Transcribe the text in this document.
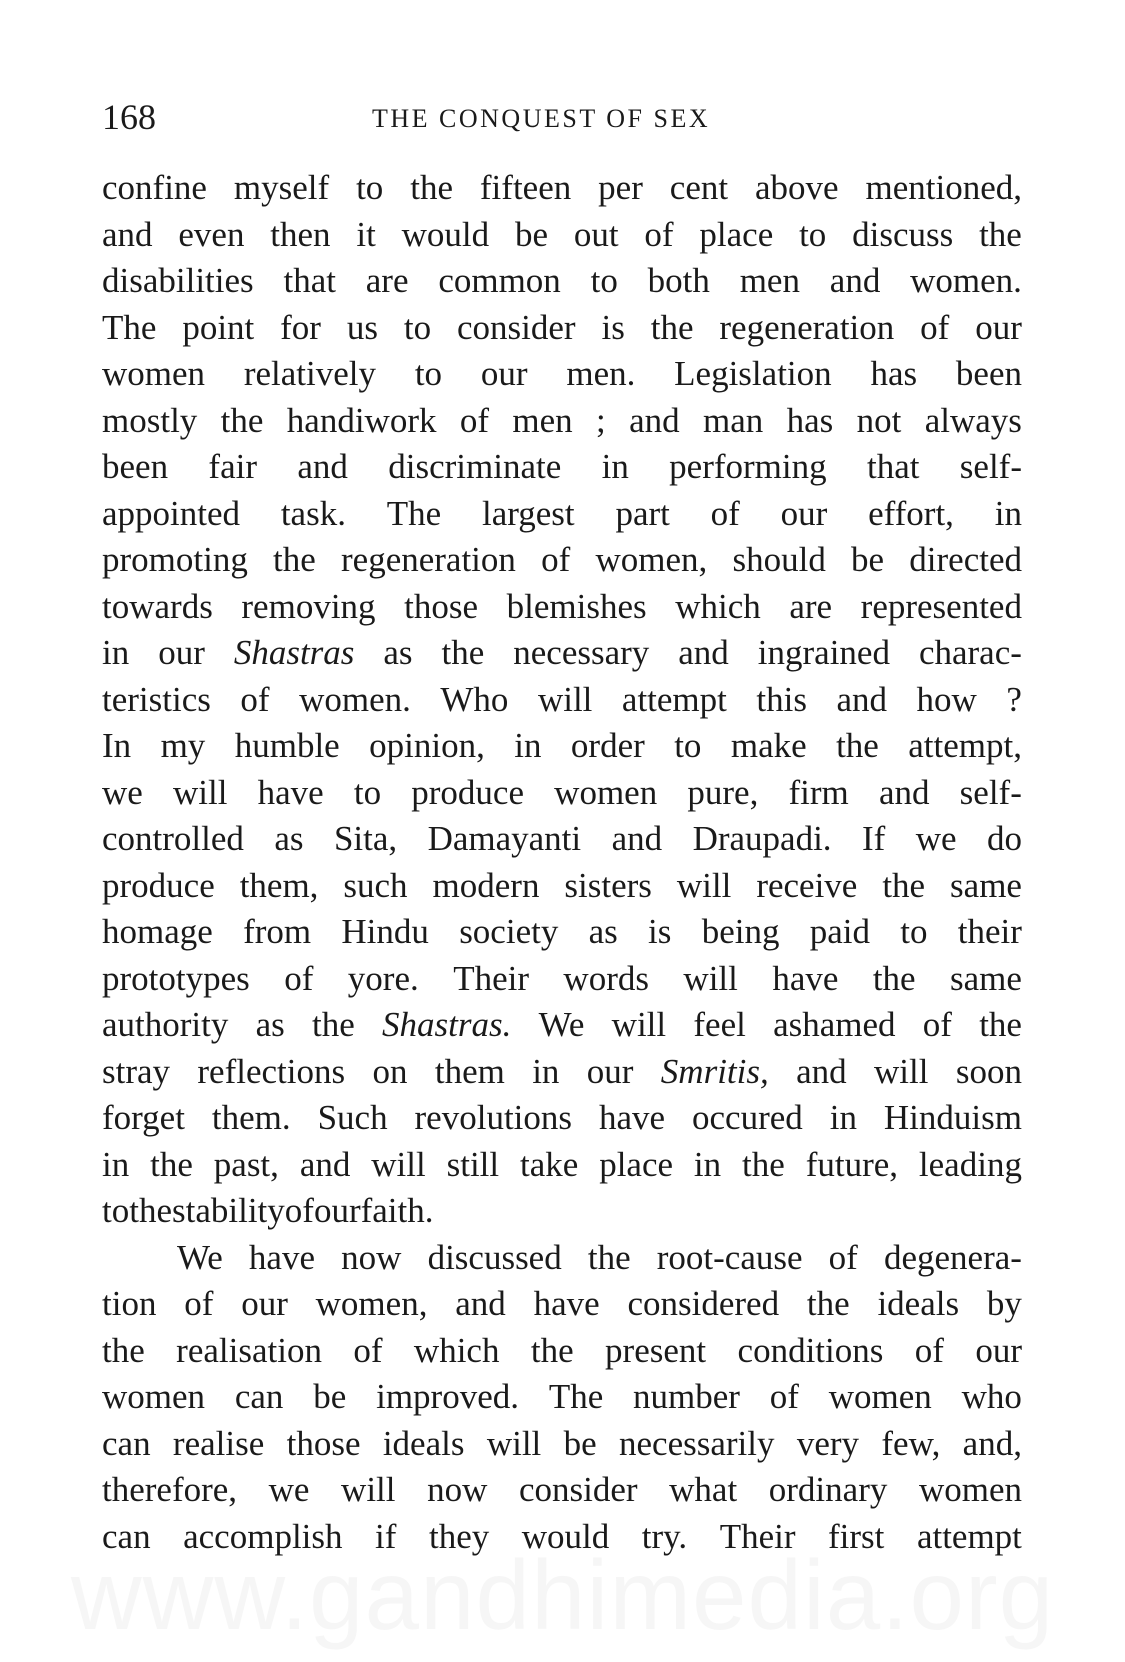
168	THE CONQUEST OF SEX
confine myself to the fifteen per cent above mentioned,
and even then it would be out of place to discuss the
disabilities that are common to both men and women.
The point for us to consider is the regeneration of our
women relatively to our men. Legislation has been
mostly the handiwork of men ; and man has not always
been fair and discriminate in performing that self-
appointed task. The largest part of our effort, in
promoting the regeneration of women, should be directed
towards removing those blemishes which are represented
in our Shastras as the necessary and ingrained charac-
teristics of women. Who will attempt this and how ?
In my humble opinion, in order to make the attempt,
we will have to produce women pure, firm and self-
controlled as Sita, Damayanti and Draupadi. If we do
produce them, such modern sisters will receive the same
homage from Hindu society as is being paid to their
prototypes of yore. Their words will have the same
authority as the Shastras. We will feel ashamed of the
stray reflections on them in our Smritis, and will soon
forget them. Such revolutions have occured in Hinduism
in the past, and will still take place in the future, leading
to the stability of our faith.
We have now discussed the root-cause of degenera-
tion of our women, and have considered the ideals by
the realisation of which the present conditions of our
women can be improved. The number of women who
can realise those ideals will be necessarily very few, and,
therefore, we will now consider what ordinary women
can accomplish if they would try. Their first attempt
